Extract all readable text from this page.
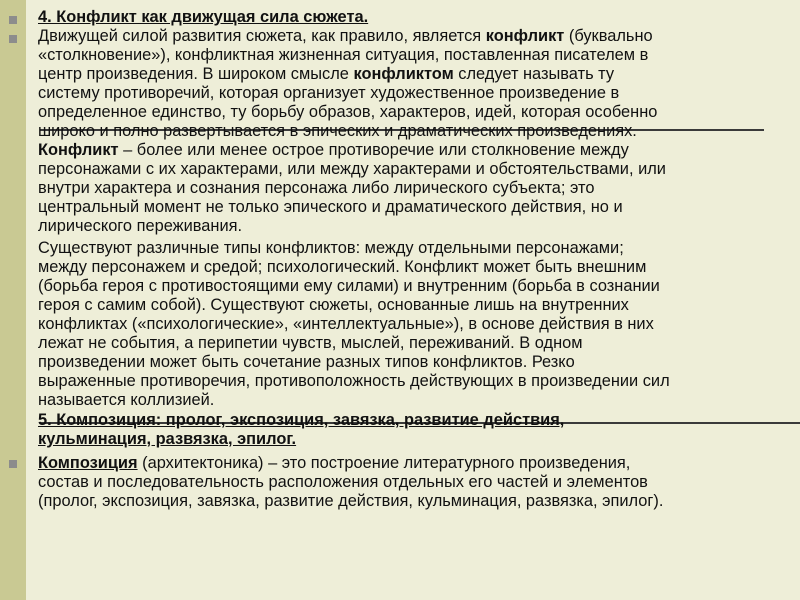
4. Конфликт как движущая сила сюжета.

Движущей силой развития сюжета, как правило, является конфликт (буквально

«столкновение»), конфликтная жизненная ситуация, поставленная писателем в

центр произведения. В широком смысле конфликтом следует называть ту

систему противоречий, которая организует художественное произведение в

определенное единство, ту борьбу образов, характеров, идей, которая особенно

широко и полно развертывается в эпических и драматических произведениях.

Конфликт – более или менее острое противоречие или столкновение между

персонажами с их характерами, или между характерами и обстоятельствами, или

внутри характера и сознания персонажа либо лирического субъекта; это

центральный момент не только эпического и драматического действия, но и

лирического переживания.

Существуют различные типы конфликтов: между отдельными персонажами;

между персонажем и средой; психологический. Конфликт может быть внешним

(борьба героя с противостоящими ему силами) и внутренним (борьба в сознании

героя с самим собой). Существуют сюжеты, основанные лишь на внутренних

конфликтах («психологические», «интеллектуальные»), в основе действия в них

лежат не события, а перипетии чувств, мыслей, переживаний. В одном

произведении может быть сочетание разных типов конфликтов. Резко

выраженные противоречия, противоположность действующих в произведении сил

называется коллизией.

5. Композиция: пролог, экспозиция, завязка, развитие действия,

кульминация, развязка, эпилог.

Композиция (архитектоника) – это построение литературного произведения,

состав и последовательность расположения отдельных его частей и элементов

(пролог, экспозиция, завязка, развитие действия, кульминация, развязка, эпилог).
